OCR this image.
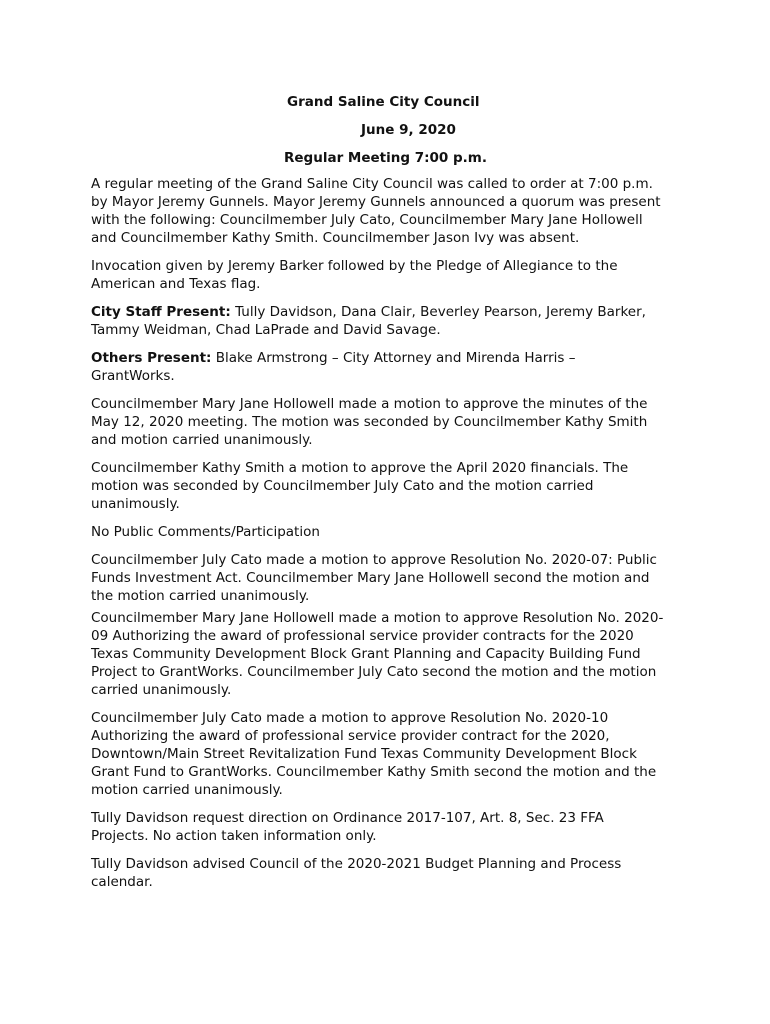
Grand Saline City Council
June 9, 2020
Regular Meeting 7:00 p.m.

A regular meeting of the Grand Saline City Council was called to order at 7:00 p.m.
by Mayor Jeremy Gunnels. Mayor Jeremy Gunnels announced a quorum was present
with the following: Councilmember July Cato, Councilmember Mary Jane Hollowell
and Councilmember Kathy Smith. Councilmember Jason Ivy was absent.

Invocation given by Jeremy Barker followed by the Pledge of Allegiance to the
American and Texas flag.

City Staff Present: Tully Davidson, Dana Clair, Beverley Pearson, Jeremy Barker,
Tammy Weidman, Chad LaPrade and David Savage.

Others Present: Blake Armstrong – City Attorney and Mirenda Harris –
GrantWorks.

Councilmember Mary Jane Hollowell made a motion to approve the minutes of the
May 12, 2020 meeting. The motion was seconded by Councilmember Kathy Smith
and motion carried unanimously.

Councilmember Kathy Smith a motion to approve the April 2020 financials. The
motion was seconded by Councilmember July Cato and the motion carried
unanimously.

No Public Comments/Participation

Councilmember July Cato made a motion to approve Resolution No. 2020-07: Public
Funds Investment Act. Councilmember Mary Jane Hollowell second the motion and
the motion carried unanimously.

Councilmember Mary Jane Hollowell made a motion to approve Resolution No. 2020-
09 Authorizing the award of professional service provider contracts for the 2020
Texas Community Development Block Grant Planning and Capacity Building Fund
Project to GrantWorks. Councilmember July Cato second the motion and the motion
carried unanimously.

Councilmember July Cato made a motion to approve Resolution No. 2020-10
Authorizing the award of professional service provider contract for the 2020,
Downtown/Main Street Revitalization Fund Texas Community Development Block
Grant Fund to GrantWorks. Councilmember Kathy Smith second the motion and the
motion carried unanimously.

Tully Davidson request direction on Ordinance 2017-107, Art. 8, Sec. 23 FFA
Projects. No action taken information only.

Tully Davidson advised Council of the 2020-2021 Budget Planning and Process
calendar.
